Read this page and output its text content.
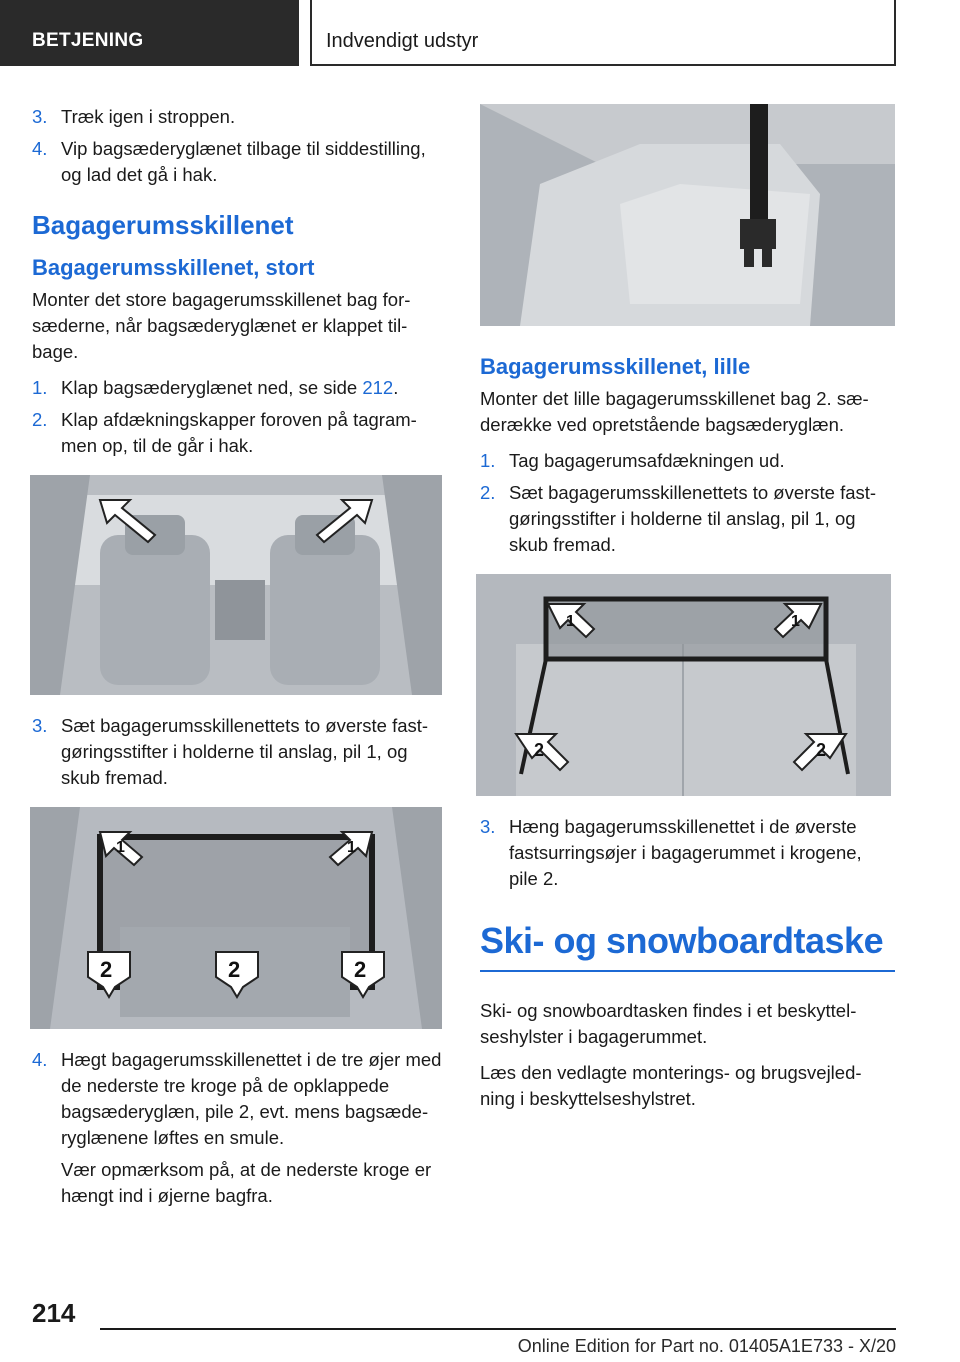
BETJENING	Indvendigt udstyr
3. Træk igen i stroppen.
4. Vip bagsæderyglænet tilbage til siddestilling, og lad det gå i hak.
Bagagerumsskillenet
Bagagerumsskillenet, stort

Monter det store bagagerumsskillenet bag for- sæderne, når bagsæderyglænet er klappet til- bage.

1. Klap bagsæderyglænet ned, se side 212.
2. Klap afdækningskapper foroven på tagram- men op, til de går i hak.
3. Sæt bagagerumsskillenettets to øverste fast- gøringsstifter i holderne til anslag, pil 1, og skub fremad.
1	1
2	2	2
4. Hægt bagagerumsskillenettet i de tre øjer med de nederste tre kroge på de opklappede bagsæderyglæn, pile 2, evt. mens bagsæde- ryglænene løftes en smule.

Vær opmærksom på, at de nederste kroge er hængt ind i øjerne bagfra.

Bagagerumsskillenet, lille

Monter det lille bagagerumsskillenet bag 2. sæ- derække ved opretstående bagsæderyglæn.

1. Tag bagagerumsafdækningen ud.
2. Sæt bagagerumsskillenettets to øverste fast- gøringsstifter i holderne til anslag, pil 1, og skub fremad.
1	1
2	2
3. Hæng bagagerumsskillenettet i de øverste fastsurringsøjer i bagagerummet i krogene, pile 2.
Ski- og snowboardtaske

Ski- og snowboardtasken findes i et beskyttel- seshylster i bagagerummet.

Læs den vedlagte monterings- og brugsvejled- ning i beskyttelseshylstret.

214
Online Edition for Part no. 01405A1E733 - X/20
